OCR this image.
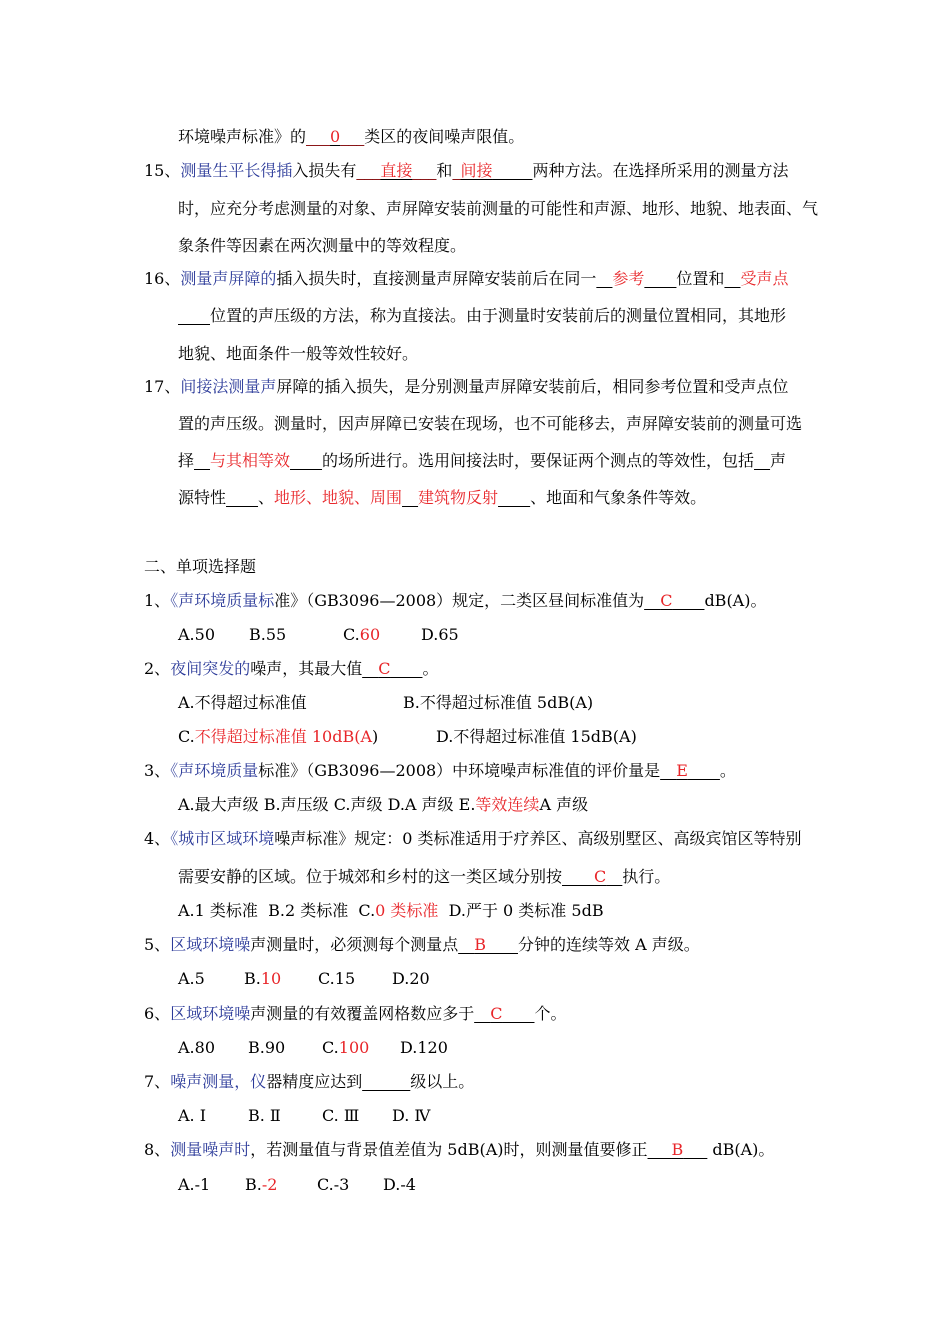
环境噪声标准》的___0___类区的夜间噪声限值。
15、测量生平长得插入损失有___直接___和_间接_____两种方法。在选择所采用的测量方法
时，应充分考虑测量的对象、声屏障安装前测量的可能性和声源、地形、地貌、地表面、气
象条件等因素在两次测量中的等效程度。
16、测量声屏障的插入损失时，直接测量声屏障安装前后在同一__参考____位置和__受声点
____位置的声压级的方法，称为直接法。由于测量时安装前后的测量位置相同，其地形
地貌、地面条件一般等效性较好。
17、间接法测量声屏障的插入损失，是分别测量声屏障安装前后，相同参考位置和受声点位
置的声压级。测量时，因声屏障已安装在现场，也不可能移去，声屏障安装前的测量可选
择__与其相等效____的场所进行。选用间接法时，要保证两个测点的等效性，包括__声
源特性____、地形、地貌、周围__建筑物反射____、地面和气象条件等效。
二、单项选择题
1、《声环境质量标准》（GB3096—2008）规定，二类区昼间标准值为__C____dB(A)。
A.50 B.55	C.60	D.65
2、夜间突发的噪声，其最大值__C____。
A.不得超过标准值	B.不得超过标准值 5dB(A)
C.不得超过标准值 10dB(A)	D.不得超过标准值 15dB(A)
3、《声环境质量标准》（GB3096—2008）中环境噪声标准值的评价量是__E____。
A.最大声级 B.声压级 C.声级 D.A 声级 E.等效连续A 声级
4、《城市区域环境噪声标准》规定：0 类标准适用于疗养区、高级别墅区、高级宾馆区等特别
需要安静的区域。位于城郊和乡村的这一类区域分别按____C__执行。
A.1 类标准 B.2 类标准 C.0 类标准 D.严于 0 类标准 5dB
5、区域环境噪声测量时，必须测每个测量点__B____分钟的连续等效 A 声级。
A.5 B.10 C.15 D.20
6、区域环境噪声测量的有效覆盖网格数应多于__C____个。
A.80 B.90 C.100 D.120
7、噪声测量，仪器精度应达到______级以上。
A. Ⅰ	B. Ⅱ	C. Ⅲ D. Ⅳ
8、测量噪声时，若测量值与背景值差值为 5dB(A)时，则测量值要修正___B___ dB(A)。
A.-1 B.-2 C.-3 D.-4
